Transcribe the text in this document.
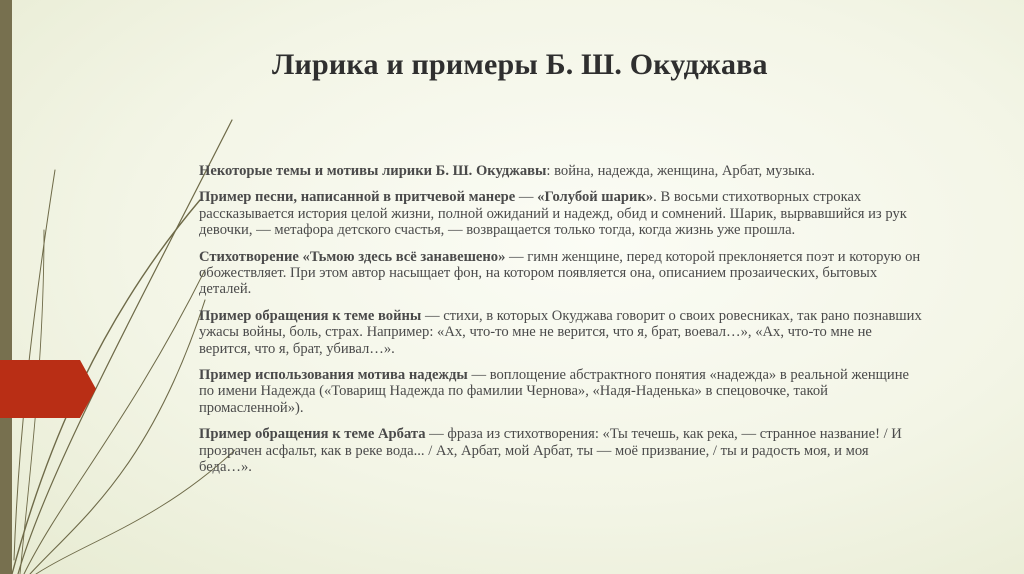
Лирика и примеры Б. Ш. Окуджава

Некоторые темы и мотивы лирики Б. Ш. Окуджавы: война, надежда, женщина, Арбат, музыка.

Пример песни, написанной в притчевой манере — «Голубой шарик». В восьми стихотворных строках рассказывается история целой жизни, полной ожиданий и надежд, обид и сомнений. Шарик, вырвавшийся из рук девочки, — метафора детского счастья, — возвращается только тогда, когда жизнь уже прошла.

Стихотворение «Тьмою здесь всё занавешено» — гимн женщине, перед которой преклоняется поэт и которую он обожествляет. При этом автор насыщает фон, на котором появляется она, описанием прозаических, бытовых деталей.

Пример обращения к теме войны — стихи, в которых Окуджава говорит о своих ровесниках, так рано познавших ужасы войны, боль, страх. Например: «Ах, что-то мне не верится, что я, брат, воевал…», «Ах, что-то мне не верится, что я, брат, убивал…».

Пример использования мотива надежды — воплощение абстрактного понятия «надежда» в реальной женщине по имени Надежда («Товарищ Надежда по фамилии Чернова», «Надя-Наденька» в спецовочке, такой промасленной»).

Пример обращения к теме Арбата — фраза из стихотворения: «Ты течешь, как река, — странное название! / И прозрачен асфальт, как в реке вода... / Ах, Арбат, мой Арбат, ты — моё призвание, / ты и радость моя, и моя беда…».
